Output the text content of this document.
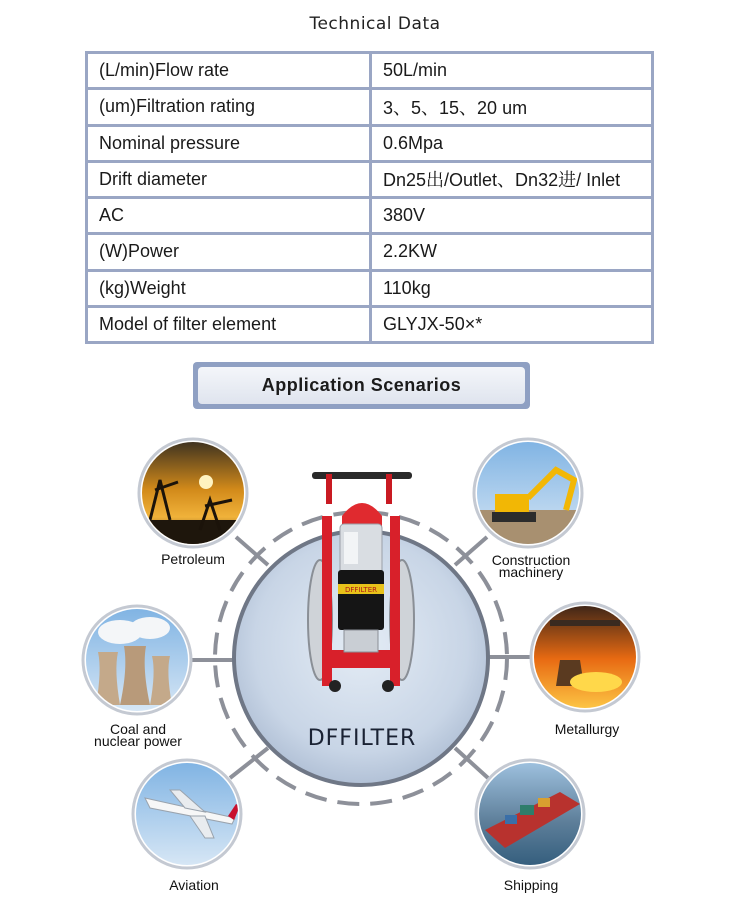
Technical Data
(L/min)Flow rate	50L/min
(um)Filtration rating	3、5、15、20 um
Nominal pressure	0.6Mpa
Drift diameter	Dn25出/Outlet、Dn32进/ Inlet
AC	380V
(W)Power	2.2KW
(kg)Weight	110kg
Model of filter element	GLYJX-50×*
Application Scenarios
DFFILTER
DFFILTER
Petroleum
Coal and
nuclear power
Aviation
Construction
machinery
Metallurgy
Shipping
